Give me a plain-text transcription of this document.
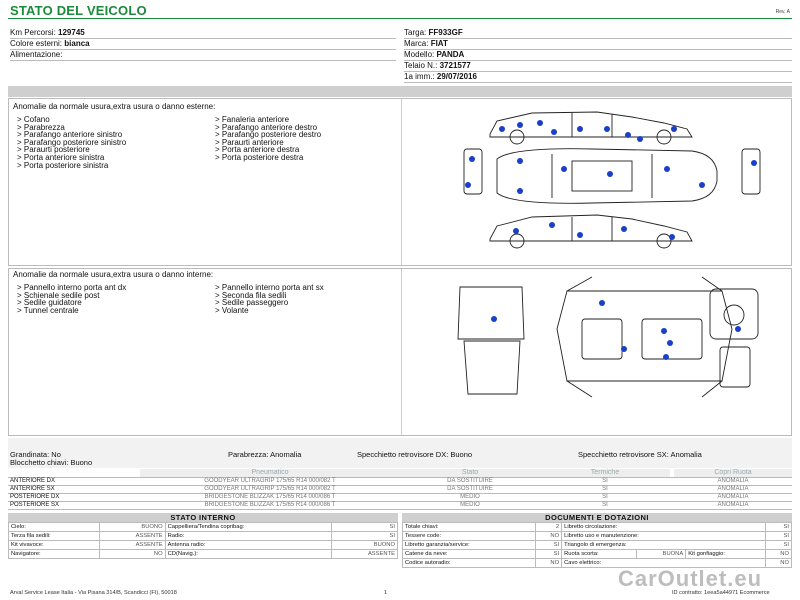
STATO DEL VEICOLO	Rev. A
Km Percorsi:
129745
Colore esterni:
bianca
Alimentazione:

Targa:
FF933GF
Marca:
FIAT
Modello:
PANDA
Telaio N.:
3721577
1a imm.:
29/07/2016
Anomalie da normale usura,extra usura o danno esterne:
> Cofano
> Parabrezza
> Parafango anteriore sinistro
> Parafango posteriore sinistro
> Paraurti posteriore
> Porta anteriore sinistra
> Porta posteriore sinistra
> Fanaleria anteriore
> Parafango anteriore destro
> Parafango posteriore destro
> Paraurti anteriore
> Porta anteriore destra
> Porta posteriore destra
Anomalie da normale usura,extra usura o danno interne:
> Pannello interno porta ant dx
> Schienale sedile post
> Sedile guidatore
> Tunnel centrale
> Pannello interno porta ant sx
> Seconda fila sedili
> Sedile passeggero
> Volante
Grandinata: No	Parabrezza: Anomalia	Specchietto retrovisore DX: Buono	Specchietto retrovisore SX: Anomalia
Blocchetto chiavi: Buono
	Pneumatico	Stato	Termiche		Copri Ruota
ANTERIORE DX	GOODYEAR ULTRAGRIP 175/65 R14 000/082 T	DA SOSTITUIRE	SI		ANOMALIA
ANTERIORE SX	GOODYEAR ULTRAGRIP 175/65 R14 000/082 T	DA SOSTITUIRE	SI		ANOMALIA
POSTERIORE DX	BRIDGESTONE BLIZZAK 175/65 R14 000/086 T	MEDIO	SI		ANOMALIA
POSTERIORE SX	BRIDGESTONE BLIZZAK 175/65 R14 000/086 T	MEDIO	SI		ANOMALIA
STATO INTERNO
Cielo:	BUONO	Cappelliera/Tendina copribag:	SI
Terza fila sedili:	ASSENTE	Radio:	SI
Kit vivavoce:	ASSENTE	Antenna radio:	BUONO
Navigatore:	NO	CD(Navig.):	ASSENTE
DOCUMENTI E DOTAZIONI
Totale chiavi:	2	Libretto circolazione:			SI
Tessere code:	NO	Libretto uso e manutenzione:			SI
Libretto garanzia/service:	SI	Triangolo di emergenza:			SI
Catene da neve:	SI	Ruota scorta:	BUONA	Kit gonfiaggio:	NO
Codice autoradio:	NO	Cavo elettrico:			NO
Arval Service Lease Italia - Via Pisana 314/B, Scandicci (FI), 50018	1	ID contratto: 1eea5a44971 Ecommerce
CarOutlet.eu
